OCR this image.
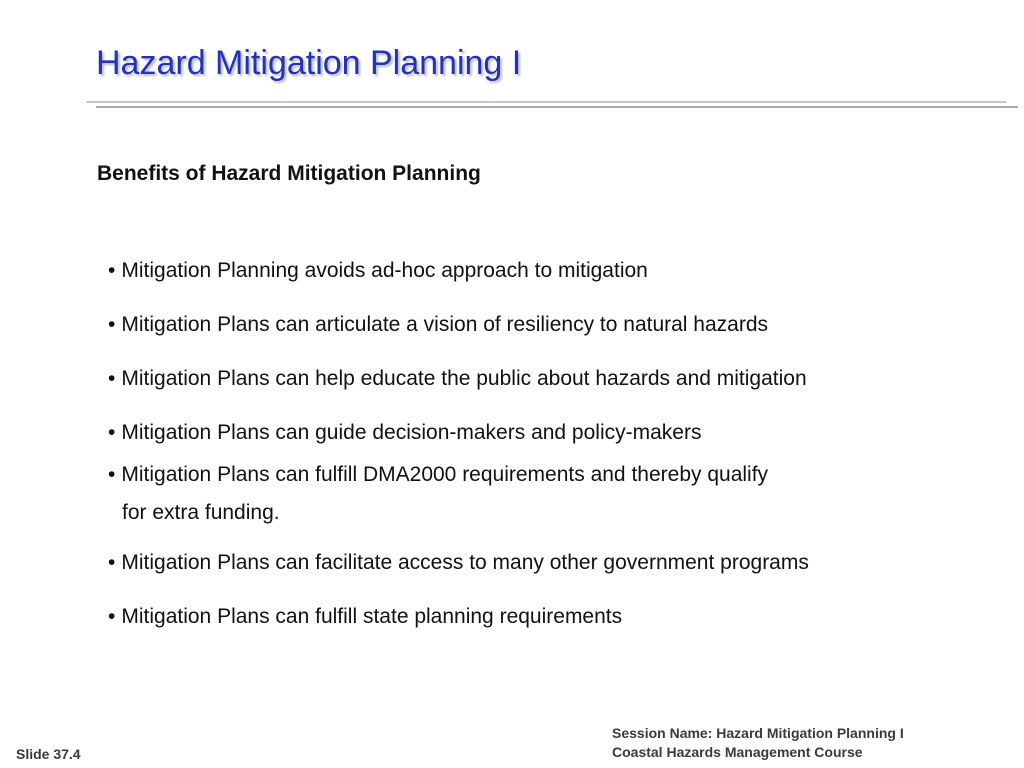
Hazard Mitigation Planning I
Benefits of Hazard Mitigation Planning
• Mitigation Planning avoids ad-hoc approach to mitigation
• Mitigation Plans can articulate a vision of resiliency to natural hazards
• Mitigation Plans can help educate the public about hazards and mitigation
• Mitigation Plans can guide decision-makers and policy-makers
• Mitigation Plans can fulfill DMA2000 requirements and thereby qualify
for extra funding.
• Mitigation Plans can facilitate access to many other government programs
• Mitigation Plans can fulfill state planning requirements
Session Name: Hazard Mitigation Planning I
Coastal Hazards Management Course
Slide 37.4
